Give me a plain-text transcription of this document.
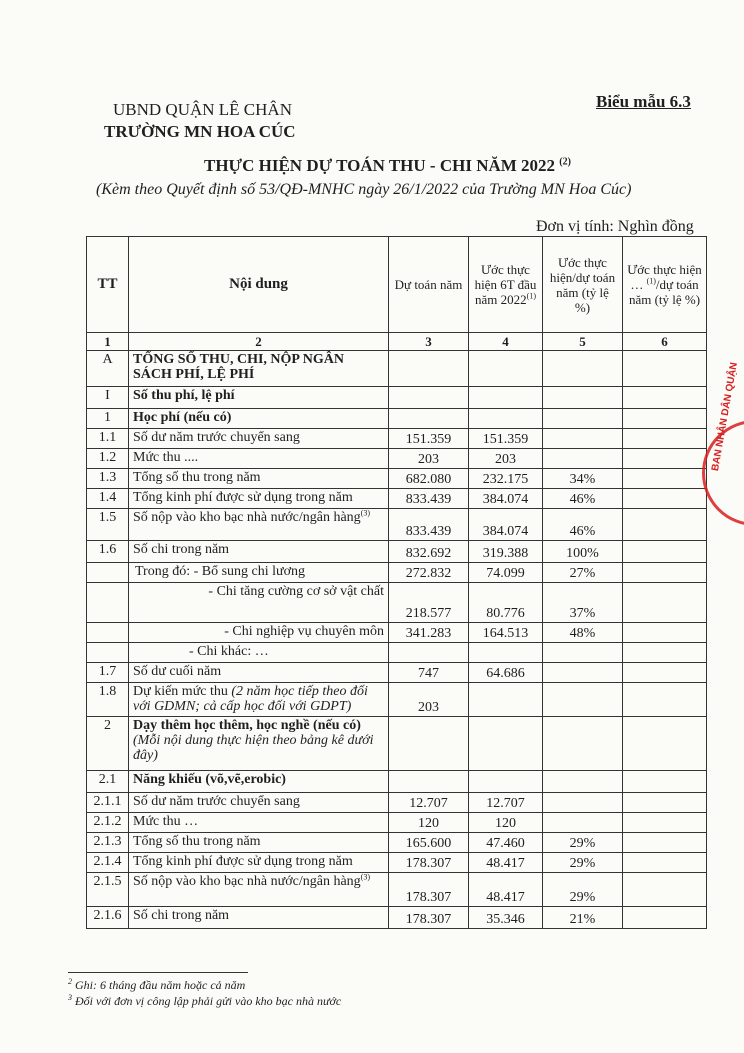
UBND QUẬN LÊ CHÂN
TRƯỜNG MN HOA CÚC
Biểu mẫu 6.3
THỰC HIỆN DỰ TOÁN THU - CHI NĂM 2022 $^{(2)}$
(Kèm theo Quyết định số 53/QĐ-MNHC ngày 26/1/2022 của Trường MN Hoa Cúc)
Đơn vị tính: Nghìn đồng
TT	Nội dung	Dự toán năm	Ước thực hiện 6T đầu năm 2022$^{(1)}$	Ước thực hiện/dự toán năm (tỷ lệ %)	Ước thực hiện … $^{(1)}$/dự toán năm (tỷ lệ %)
1	2	3	4	5	6
A	TỔNG SỐ THU, CHI, NỘP NGÂN SÁCH PHÍ, LỆ PHÍ				
I	Số thu phí, lệ phí				
1	Học phí (nếu có)				
1.1	Số dư năm trước chuyển sang	151.359	151.359		
1.2	Mức thu ....	203	203		
1.3	Tổng số thu trong năm	682.080	232.175	34%	
1.4	Tổng kinh phí được sử dụng trong năm	833.439	384.074	46%	
1.5	Số nộp vào kho bạc nhà nước/ngân hàng$^{(3)}$	833.439	384.074	46%	
1.6	Số chi trong năm	832.692	319.388	100%	
	Trong đó: - Bổ sung chi lương	272.832	74.099	27%	
	- Chi tăng cường cơ sở vật chất	218.577	80.776	37%	
	- Chi nghiệp vụ chuyên môn	341.283	164.513	48%	
	- Chi khác: …				
1.7	Số dư cuối năm	747	64.686		
1.8	Dự kiến mức thu (2 năm học tiếp theo đối với GDMN; cả cấp học đối với GDPT)	203			
2	Dạy thêm học thêm, học nghề (nếu có) (Mỗi nội dung thực hiện theo bảng kê dưới đây)				
2.1	Năng khiếu (võ,vẽ,erobic)				
2.1.1	Số dư năm trước chuyển sang	12.707	12.707		
2.1.2	Mức thu …	120	120		
2.1.3	Tổng số thu trong năm	165.600	47.460	29%	
2.1.4	Tổng kinh phí được sử dụng trong năm	178.307	48.417	29%	
2.1.5	Số nộp vào kho bạc nhà nước/ngân hàng$^{(3)}$	178.307	48.417	29%	
2.1.6	Số chi trong năm	178.307	35.346	21%	
$^2$ Ghi: 6 tháng đầu năm hoặc cả năm
$^3$ Đối với đơn vị công lập phải gửi vào kho bạc nhà nước
BAN NHÂN DÂN QUẬN
